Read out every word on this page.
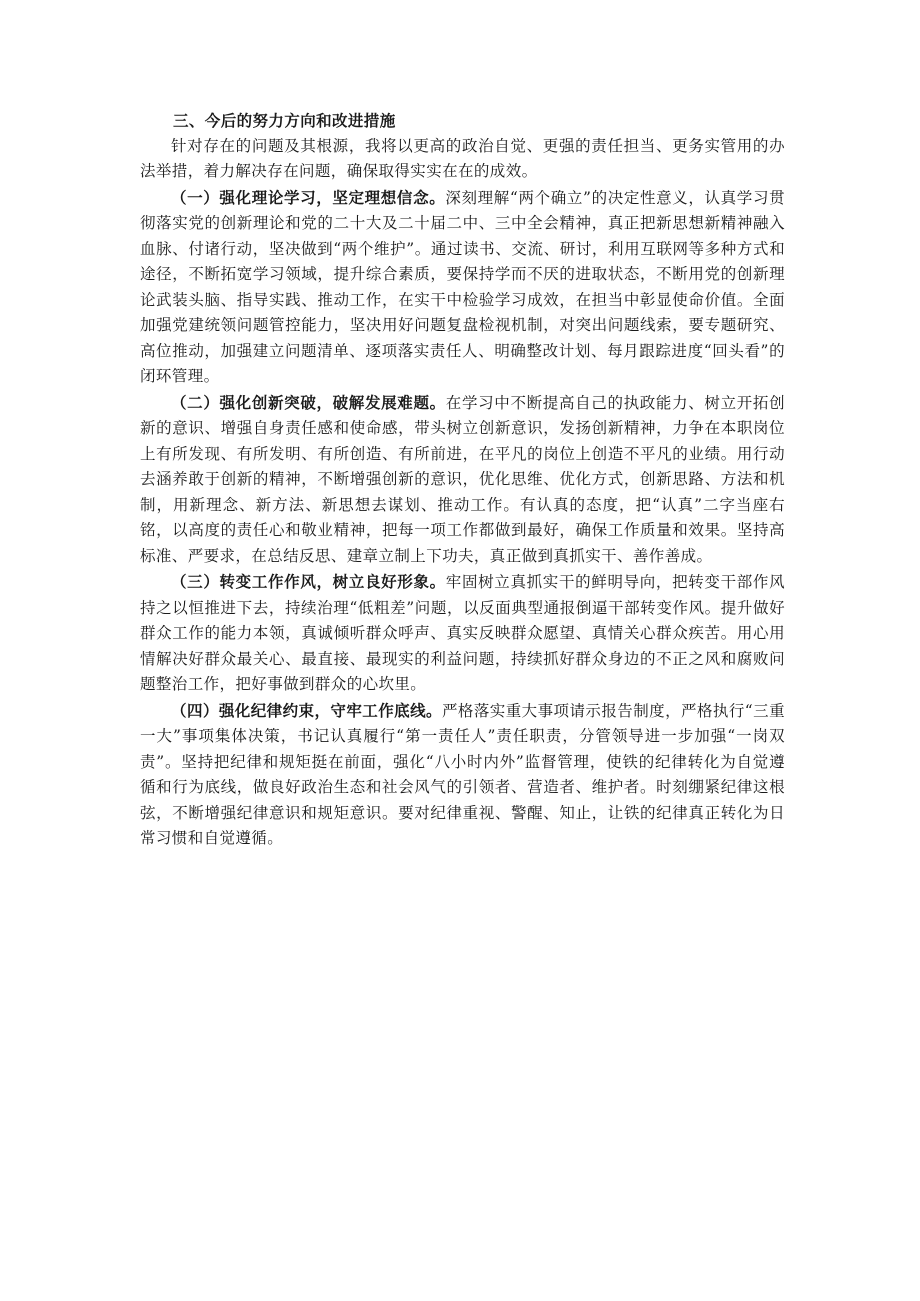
三、今后的努力方向和改进措施

针对存在的问题及其根源，我将以更高的政治自觉、更强的责任担当、更务实管用的办法举措，着力解决存在问题，确保取得实实在在的成效。

（一）强化理论学习，坚定理想信念。深刻理解“两个确立”的决定性意义，认真学习贯彻落实党的创新理论和党的二十大及二十届二中、三中全会精神，真正把新思想新精神融入血脉、付诸行动，坚决做到“两个维护”。通过读书、交流、研讨，利用互联网等多种方式和途径，不断拓宽学习领域，提升综合素质，要保持学而不厌的进取状态，不断用党的创新理论武装头脑、指导实践、推动工作，在实干中检验学习成效，在担当中彰显使命价值。全面加强党建统领问题管控能力，坚决用好问题复盘检视机制，对突出问题线索，要专题研究、高位推动，加强建立问题清单、逐项落实责任人、明确整改计划、每月跟踪进度“回头看”的闭环管理。

（二）强化创新突破，破解发展难题。在学习中不断提高自己的执政能力、树立开拓创新的意识、增强自身责任感和使命感，带头树立创新意识，发扬创新精神，力争在本职岗位上有所发现、有所发明、有所创造、有所前进，在平凡的岗位上创造不平凡的业绩。用行动去涵养敢于创新的精神，不断增强创新的意识，优化思维、优化方式，创新思路、方法和机制，用新理念、新方法、新思想去谋划、推动工作。有认真的态度，把“认真”二字当座右铭，以高度的责任心和敬业精神，把每一项工作都做到最好，确保工作质量和效果。坚持高标准、严要求，在总结反思、建章立制上下功夫，真正做到真抓实干、善作善成。

（三）转变工作作风，树立良好形象。牢固树立真抓实干的鲜明导向，把转变干部作风持之以恒推进下去，持续治理“低粗差”问题，以反面典型通报倒逼干部转变作风。提升做好群众工作的能力本领，真诚倾听群众呼声、真实反映群众愿望、真情关心群众疾苦。用心用情解决好群众最关心、最直接、最现实的利益问题，持续抓好群众身边的不正之风和腐败问题整治工作，把好事做到群众的心坎里。

（四）强化纪律约束，守牢工作底线。严格落实重大事项请示报告制度，严格执行“三重一大”事项集体决策，书记认真履行“第一责任人”责任职责，分管领导进一步加强“一岗双责”。坚持把纪律和规矩挺在前面，强化“八小时内外”监督管理，使铁的纪律转化为自觉遵循和行为底线，做良好政治生态和社会风气的引领者、营造者、维护者。时刻绷紧纪律这根弦，不断增强纪律意识和规矩意识。要对纪律重视、警醒、知止，让铁的纪律真正转化为日常习惯和自觉遵循。
